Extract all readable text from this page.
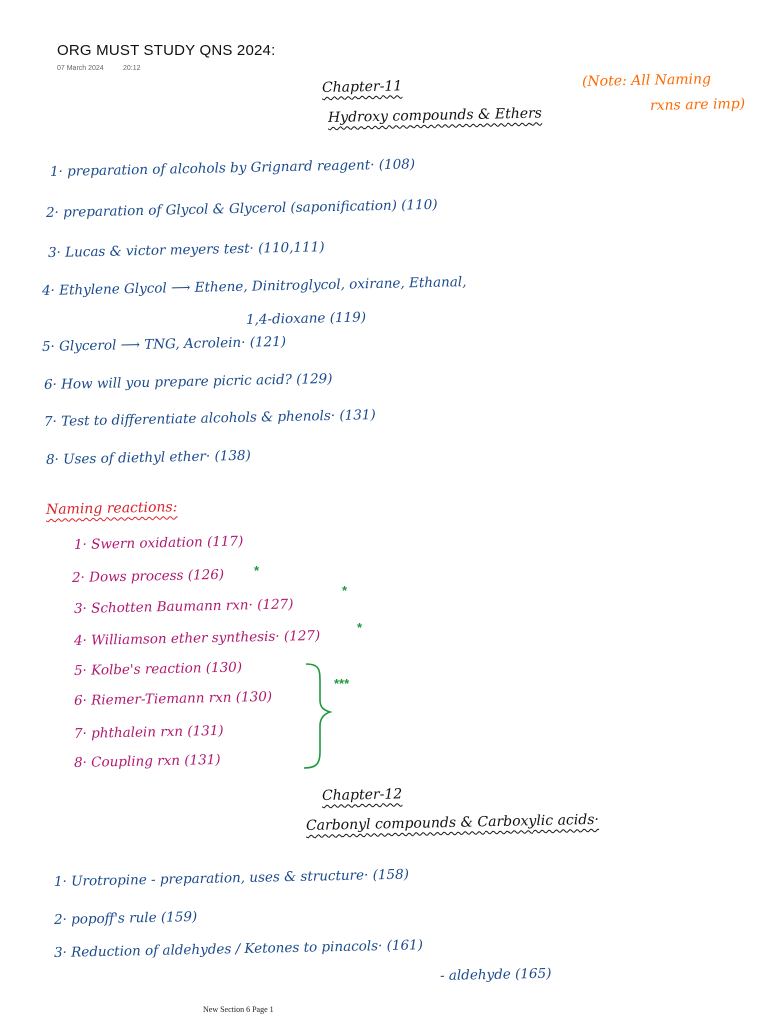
ORG MUST STUDY QNS 2024:
07 March 2024	20:12
(Note: All Naming
rxns are imp)
Chapter-11
Hydroxy compounds & Ethers
1· preparation of alcohols by Grignard reagent· (108)
2· preparation of Glycol & Glycerol (saponification) (110)
3· Lucas & victor meyers test· (110,111)
4· Ethylene Glycol ⟶ Ethene, Dinitroglycol, oxirane, Ethanal,
1,4-dioxane (119)
5· Glycerol ⟶ TNG, Acrolein· (121)
6· How will you prepare picric acid? (129)
7· Test to differentiate alcohols & phenols· (131)
8· Uses of diethyl ether· (138)
Naming reactions:
1· Swern oxidation (117)
2· Dows process (126)
3· Schotten Baumann rxn· (127)
4· Williamson ether synthesis· (127)
5· Kolbe's reaction (130)
6· Riemer-Tiemann rxn (130)
7· phthalein rxn (131)
8· Coupling rxn (131)
*
*
*
***
Chapter-12
Carbonyl compounds & Carboxylic acids·
1· Urotropine - preparation, uses & structure· (158)
2· popoff's rule (159)
3· Reduction of aldehydes / Ketones to pinacols· (161)
- aldehyde (165)
New Section 6 Page 1
